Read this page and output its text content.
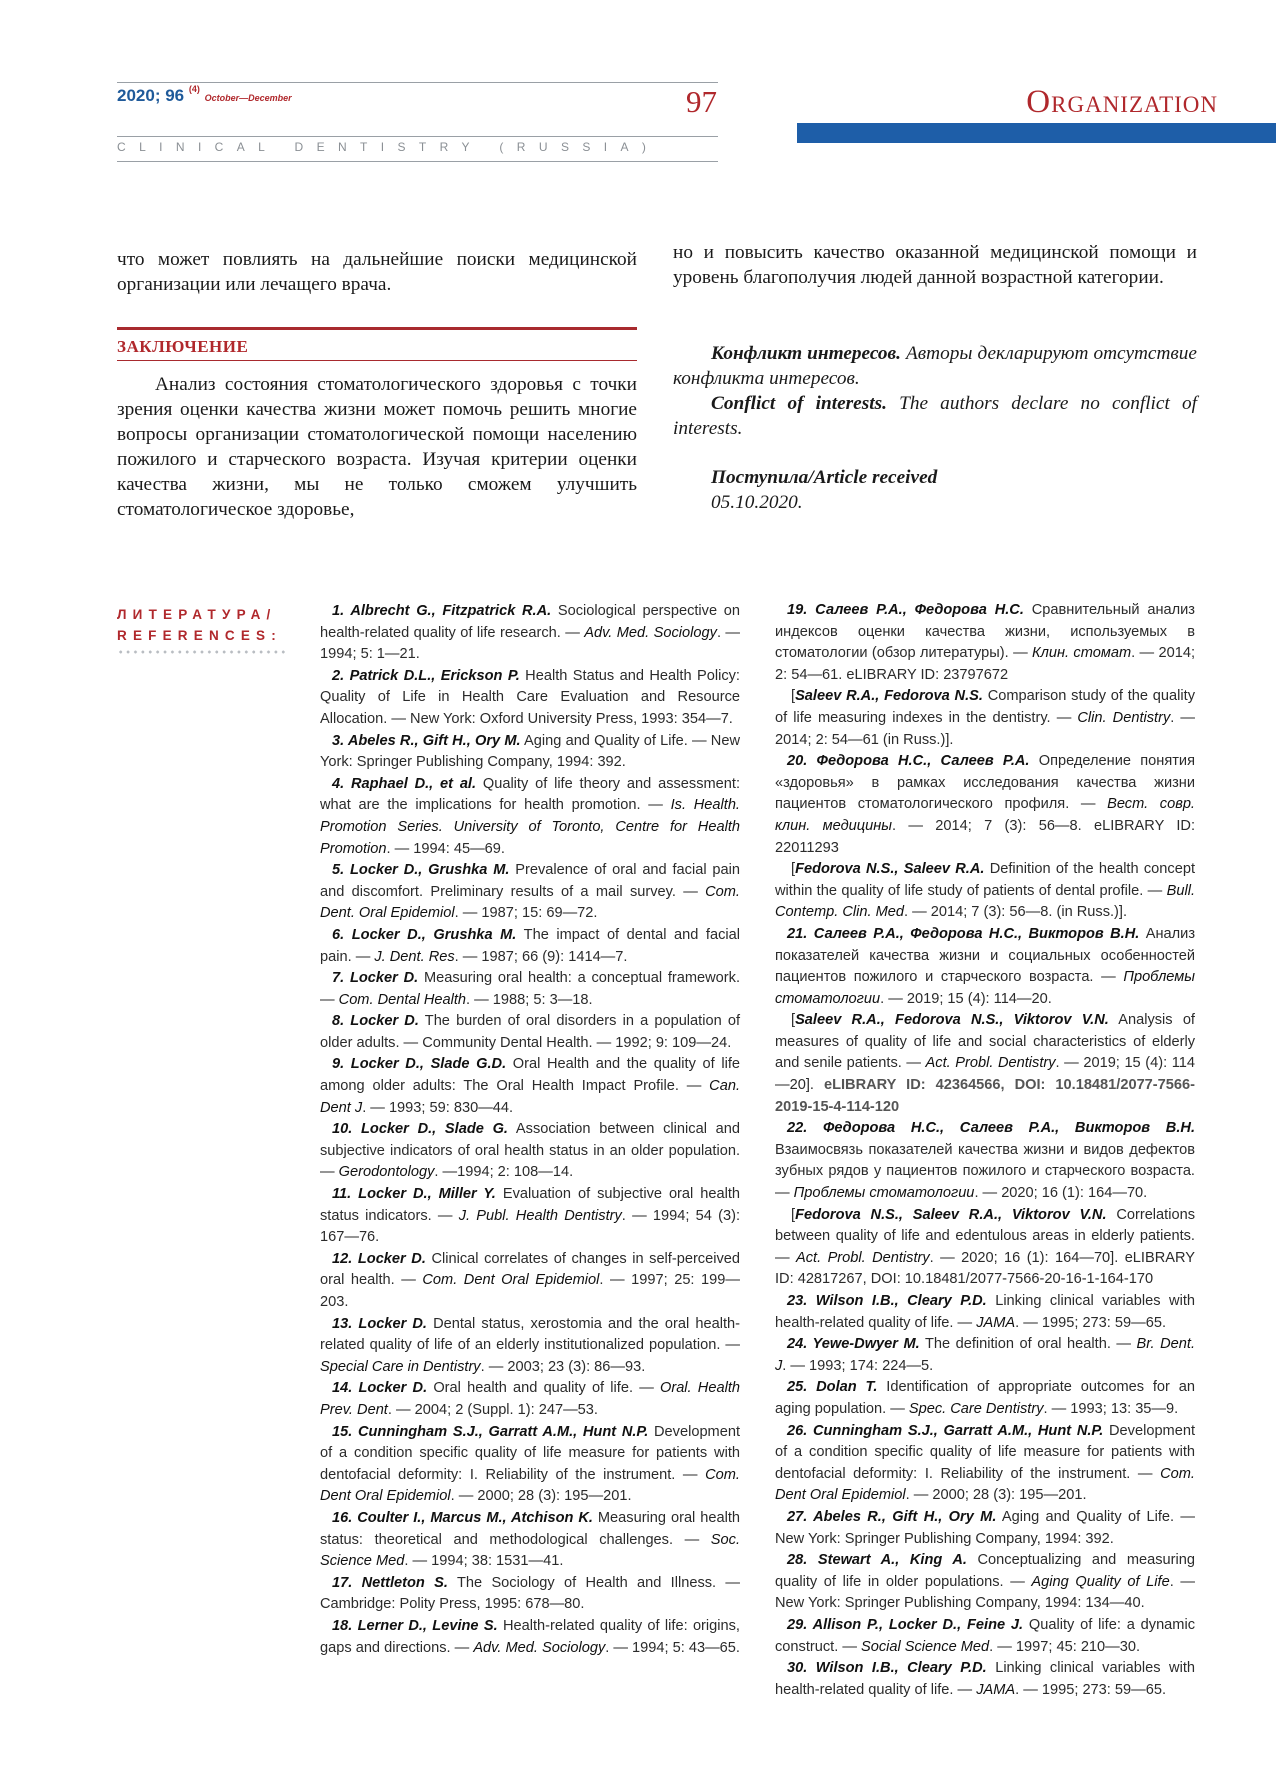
2020; 96 $^{(4)}$ October—December	97	Organization
CLINICAL DENTISTRY (RUSSIA)
что может повлиять на дальнейшие поиски медицинской организации или лечащего врача.
ЗАКЛЮЧЕНИЕ
Анализ состояния стоматологического здоровья с точки зрения оценки качества жизни может помочь решить многие вопросы организации стоматологической помощи населению пожилого и старческого возраста. Изучая критерии оценки качества жизни, мы не только сможем улучшить стоматологическое здоровье,
но и повысить качество оказанной медицинской помощи и уровень благополучия людей данной возрастной категории.
Конфликт интересов. Авторы декларируют отсутствие конфликта интересов.
Conflict of interests. The authors declare no conflict of interests.
Поступила/Article received
05.10.2020.
ЛИТЕРАТУРА/
REFERENCES:

1. Albrecht G., Fitzpatrick R.A. Sociological perspective on health-related quality of life research. — Adv. Med. Sociology. — 1994; 5: 1—21.

2. Patrick D.L., Erickson P. Health Status and Health Policy: Quality of Life in Health Care Evaluation and Resource Allocation. — New York: Oxford University Press, 1993: 354—7.

3. Abeles R., Gift H., Ory M. Aging and Quality of Life. — New York: Springer Publishing Company, 1994: 392.

4. Raphael D., et al. Quality of life theory and assessment: what are the implications for health promotion. — Is. Health. Promotion Series. University of Toronto, Centre for Health Promotion. — 1994: 45—69.

5. Locker D., Grushka M. Prevalence of oral and facial pain and discomfort. Preliminary results of a mail survey. — Com. Dent. Oral Epidemiol. — 1987; 15: 69—72.

6. Locker D., Grushka M. The impact of dental and facial pain. — J. Dent. Res. — 1987; 66 (9): 1414—7.

7. Locker D. Measuring oral health: a conceptual framework. — Com. Dental Health. — 1988; 5: 3—18.

8. Locker D. The burden of oral disorders in a population of older adults. — Community Dental Health. — 1992; 9: 109—24.

9. Locker D., Slade G.D. Oral Health and the quality of life among older adults: The Oral Health Impact Profile. — Can. Dent J. — 1993; 59: 830—44.

10. Locker D., Slade G. Association between clinical and subjective indicators of oral health status in an older population. — Gerodontology. —1994; 2: 108—14.

11. Locker D., Miller Y. Evaluation of subjective oral health status indicators. — J. Publ. Health Dentistry. — 1994; 54 (3): 167—76.

12. Locker D. Clinical correlates of changes in self-perceived oral health. — Com. Dent Oral Epidemiol. — 1997; 25: 199—203.

13. Locker D. Dental status, xerostomia and the oral health-related quality of life of an elderly institutionalized population. — Special Care in Dentistry. — 2003; 23 (3): 86—93.

14. Locker D. Oral health and quality of life. — Oral. Health Prev. Dent. — 2004; 2 (Suppl. 1): 247—53.

15. Cunningham S.J., Garratt A.M., Hunt N.P. Development of a condition specific quality of life measure for patients with dentofacial deformity: I. Reliability of the instrument. — Com. Dent Oral Epidemiol. — 2000; 28 (3): 195—201.

16. Coulter I., Marcus M., Atchison K. Measuring oral health status: theoretical and methodological challenges. — Soc. Science Med. — 1994; 38: 1531—41.

17. Nettleton S. The Sociology of Health and Illness. — Cambridge: Polity Press, 1995: 678—80.

18. Lerner D., Levine S. Health-related quality of life: origins, gaps and directions. — Adv. Med. Sociology. — 1994; 5: 43—65.

19. Салеев Р.А., Федорова Н.С. Сравнительный анализ индексов оценки качества жизни, используемых в стоматологии (обзор литературы). — Клин. стомат. — 2014; 2: 54—61. eLIBRARY ID: 23797672

[Saleev R.A., Fedorova N.S. Comparison study of the quality of life measuring indexes in the dentistry. — Clin. Dentistry. — 2014; 2: 54—61 (in Russ.)].

20. Федорова Н.С., Салеев Р.А. Определение понятия «здоровья» в рамках исследования качества жизни пациентов стоматологического профиля. — Вест. совр. клин. медицины. — 2014; 7 (3): 56—8. eLIBRARY ID: 22011293

[Fedorova N.S., Saleev R.A. Definition of the health concept within the quality of life study of patients of dental profile. — Bull. Contemp. Clin. Med. — 2014; 7 (3): 56—8. (in Russ.)].

21. Салеев Р.А., Федорова Н.С., Викторов В.Н. Анализ показателей качества жизни и социальных особенностей пациентов пожилого и старческого возраста. — Проблемы стоматологии. — 2019; 15 (4): 114—20.

[Saleev R.A., Fedorova N.S., Viktorov V.N. Analysis of measures of quality of life and social characteristics of elderly and senile patients. — Act. Probl. Dentistry. — 2019; 15 (4): 114—20]. eLIBRARY ID: 42364566, DOI: 10.18481/2077-7566-2019-15-4-114-120

22. Федорова Н.С., Салеев Р.А., Викторов В.Н. Взаимосвязь показателей качества жизни и видов дефектов зубных рядов у пациентов пожилого и старческого возраста. — Проблемы стоматологии. — 2020; 16 (1): 164—70.

[Fedorova N.S., Saleev R.A., Viktorov V.N. Correlations between quality of life and edentulous areas in elderly patients. — Act. Probl. Dentistry. — 2020; 16 (1): 164—70]. eLIBRARY ID: 42817267, DOI: 10.18481/2077-7566-20-16-1-164-170

23. Wilson I.B., Cleary P.D. Linking clinical variables with health-related quality of life. — JAMA. — 1995; 273: 59—65.

24. Yewe-Dwyer M. The definition of oral health. — Br. Dent. J. — 1993; 174: 224—5.

25. Dolan T. Identification of appropriate outcomes for an aging population. — Spec. Care Dentistry. — 1993; 13: 35—9.

26. Cunningham S.J., Garratt A.M., Hunt N.P. Development of a condition specific quality of life measure for patients with dentofacial deformity: I. Reliability of the instrument. — Com. Dent Oral Epidemiol. — 2000; 28 (3): 195—201.

27. Abeles R., Gift H., Ory M. Aging and Quality of Life. — New York: Springer Publishing Company, 1994: 392.

28. Stewart A., King A. Conceptualizing and measuring quality of life in older populations. — Aging Quality of Life. — New York: Springer Publishing Company, 1994: 134—40.

29. Allison P., Locker D., Feine J. Quality of life: a dynamic construct. — Social Science Med. — 1997; 45: 210—30.

30. Wilson I.B., Cleary P.D. Linking clinical variables with health-related quality of life. — JAMA. — 1995; 273: 59—65.
